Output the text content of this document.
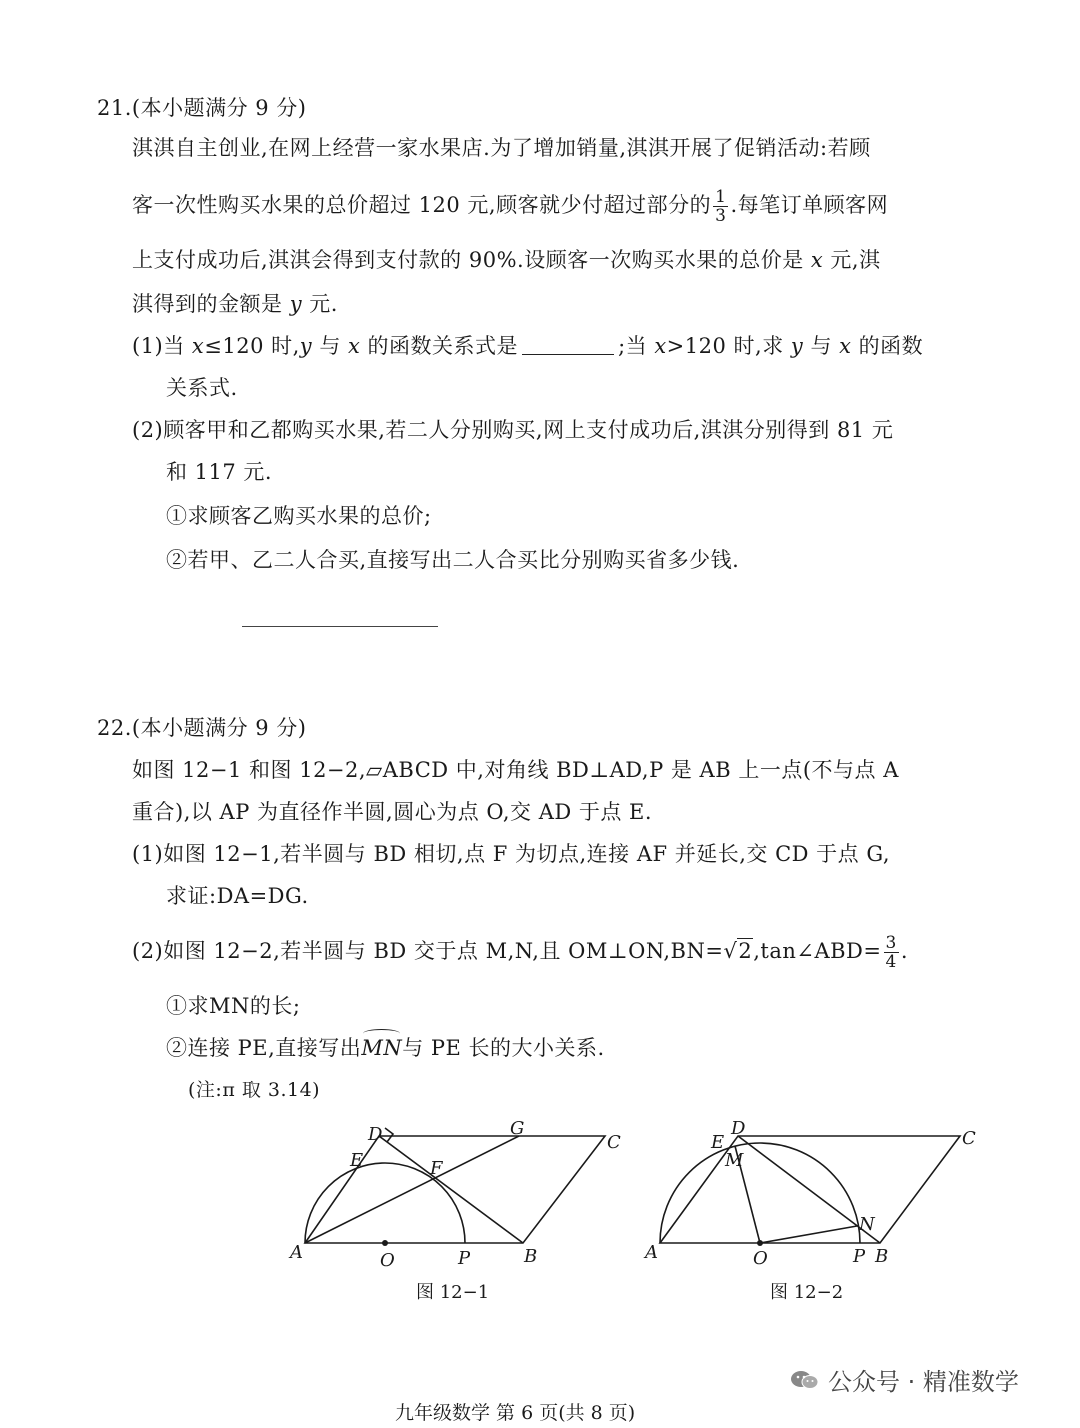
21.(本小题满分 9 分)
淇淇自主创业,在网上经营一家水果店.为了增加销量,淇淇开展了促销活动:若顾
客一次性购买水果的总价超过 120 元,顾客就少付超过部分的 $\frac{1}{3}$ .每笔订单顾客网
上支付成功后,淇淇会得到支付款的 90%.设顾客一次购买水果的总价是 x 元,淇
淇得到的金额是 y 元.
(1)当 x≤120 时,y 与 x 的函数关系式是	;当 x>120 时,求 y 与 x 的函数
关系式.
(2)顾客甲和乙都购买水果,若二人分别购买,网上支付成功后,淇淇分别得到 81 元
和 117 元.
①求顾客乙购买水果的总价;
②若甲、乙二人合买,直接写出二人合买比分别购买省多少钱.
22.(本小题满分 9 分)
如图 12−1 和图 12−2,▱ABCD 中,对角线 BD⊥AD,P 是 AB 上一点(不与点 A
重合),以 AP 为直径作半圆,圆心为点 O,交 AD 于点 E.
(1)如图 12−1,若半圆与 BD 相切,点 F 为切点,连接 AF 并延长,交 CD 于点 G,
求证:DA=DG.
(2)如图 12−2,若半圆与 BD 交于点 M,N,且 OM⊥ON,BN=√2,tan∠ABD= $\frac{3}{4}$ .
①求MN的长;
②连接 PE,直接写出MN与 PE 长的大小关系.
(注:π 取 3.14)
A	B
C
D
E	F
G
O	P
图 12−1
A	B
C
D
E
M
N
O	P
图 12−2
公众号 · 精准数学
九年级数学 第 6 页(共 8 页)
